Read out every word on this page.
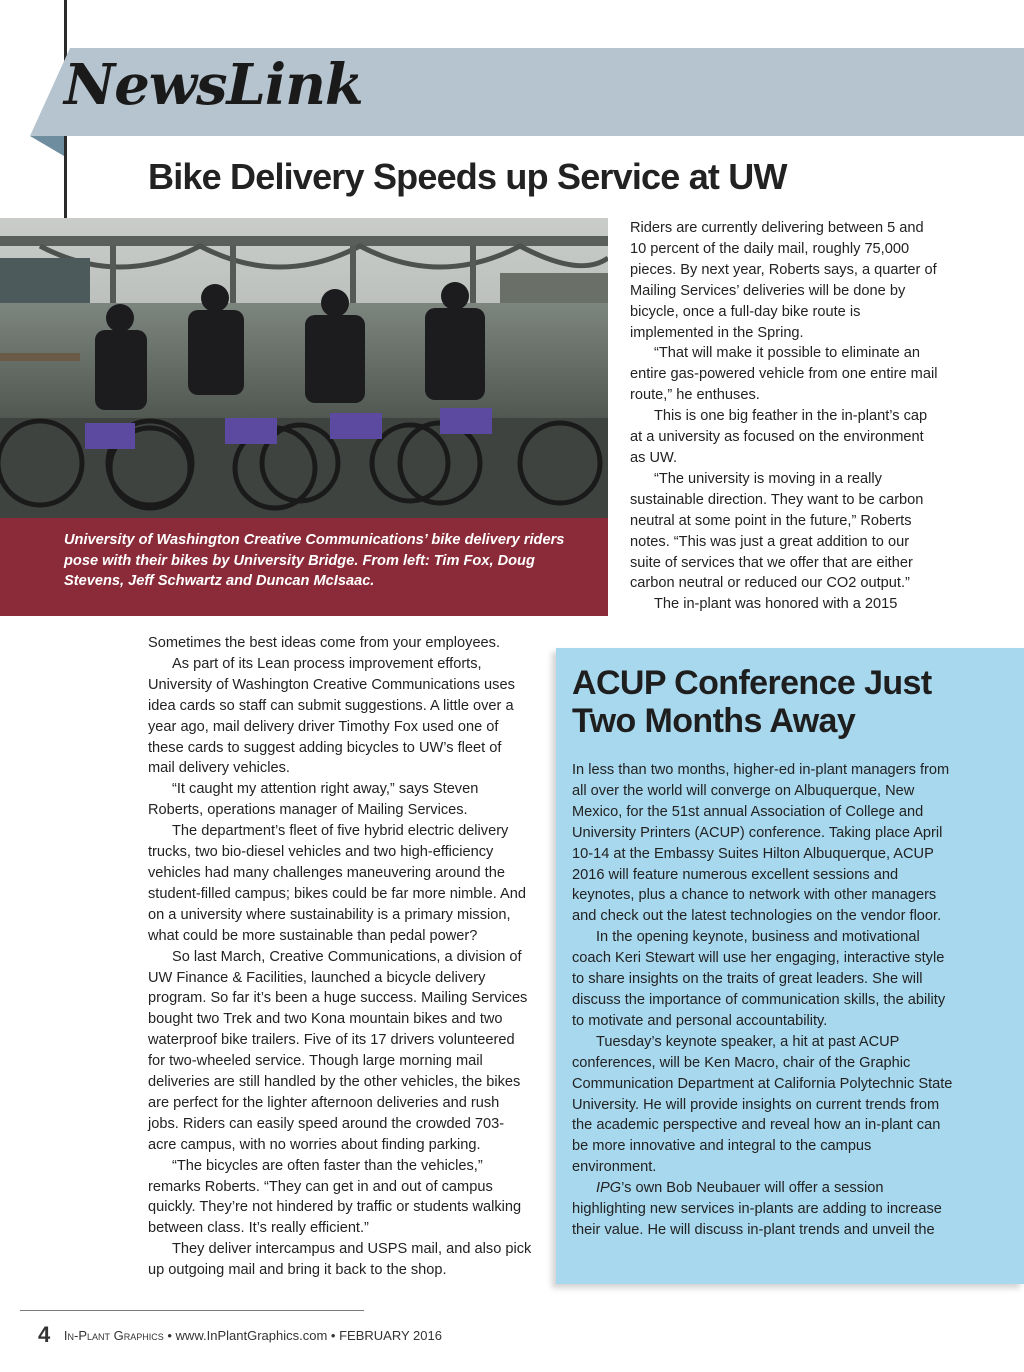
NewsLink
Bike Delivery Speeds up Service at UW
University of Washington Creative Communications’ bike delivery riders pose with their bikes by University Bridge. From left: Tim Fox, Doug Stevens, Jeff Schwartz and Duncan McIsaac.

Riders are currently delivering between 5 and 10 percent of the daily mail, roughly 75,000 pieces. By next year, Roberts says, a quarter of Mailing Services’ deliveries will be done by bicycle, once a full-day bike route is implemented in the Spring.

“That will make it possible to eliminate an entire gas-powered vehicle from one entire mail route,” he enthuses.

This is one big feather in the in-plant’s cap at a university as focused on the environment as UW.

“The university is moving in a really sustainable direction. They want to be carbon neutral at some point in the future,” Roberts notes. “This was just a great addition to our suite of services that we offer that are either carbon neutral or reduced our CO2 output.”

The in-plant was honored with a 2015

Sometimes the best ideas come from your employees.

As part of its Lean process improvement efforts, University of Washington Creative Communications uses idea cards so staff can submit suggestions. A little over a year ago, mail delivery driver Timothy Fox used one of these cards to suggest adding bicycles to UW’s fleet of mail delivery vehicles.

“It caught my attention right away,” says Steven Roberts, operations manager of Mailing Services.

The department’s fleet of five hybrid electric delivery trucks, two bio-diesel vehicles and two high-efficiency vehicles had many challenges maneuvering around the student-filled campus; bikes could be far more nimble. And on a university where sustainability is a primary mission, what could be more sustainable than pedal power?

So last March, Creative Communications, a division of UW Finance & Facilities, launched a bicycle delivery program. So far it’s been a huge success. Mailing Services bought two Trek and two Kona mountain bikes and two waterproof bike trailers. Five of its 17 drivers volunteered for two-wheeled service. Though large morning mail deliveries are still handled by the other vehicles, the bikes are perfect for the lighter afternoon deliveries and rush jobs. Riders can easily speed around the crowded 703-acre campus, with no worries about finding parking.

“The bicycles are often faster than the vehicles,” remarks Roberts. “They can get in and out of campus quickly. They’re not hindered by traffic or students walking between class. It’s really efficient.”

They deliver intercampus and USPS mail, and also pick up outgoing mail and bring it back to the shop.

ACUP Conference Just Two Months Away

In less than two months, higher-ed in-plant managers from all over the world will converge on Albuquerque, New Mexico, for the 51st annual Association of College and University Printers (ACUP) conference. Taking place April 10-14 at the Embassy Suites Hilton Albuquerque, ACUP 2016 will feature numerous excellent sessions and keynotes, plus a chance to network with other managers and check out the latest technologies on the vendor floor.

In the opening keynote, business and motivational coach Keri Stewart will use her engaging, interactive style to share insights on the traits of great leaders. She will discuss the importance of communication skills, the ability to motivate and personal accountability.

Tuesday’s keynote speaker, a hit at past ACUP conferences, will be Ken Macro, chair of the Graphic Communication Department at California Polytechnic State University. He will provide insights on current trends from the academic perspective and reveal how an in-plant can be more innovative and integral to the campus environment.

IPG’s own Bob Neubauer will offer a session highlighting new services in-plants are adding to increase their value. He will discuss in-plant trends and unveil the

4 In-Plant Graphics • www.InPlantGraphics.com • FEBRUARY 2016
